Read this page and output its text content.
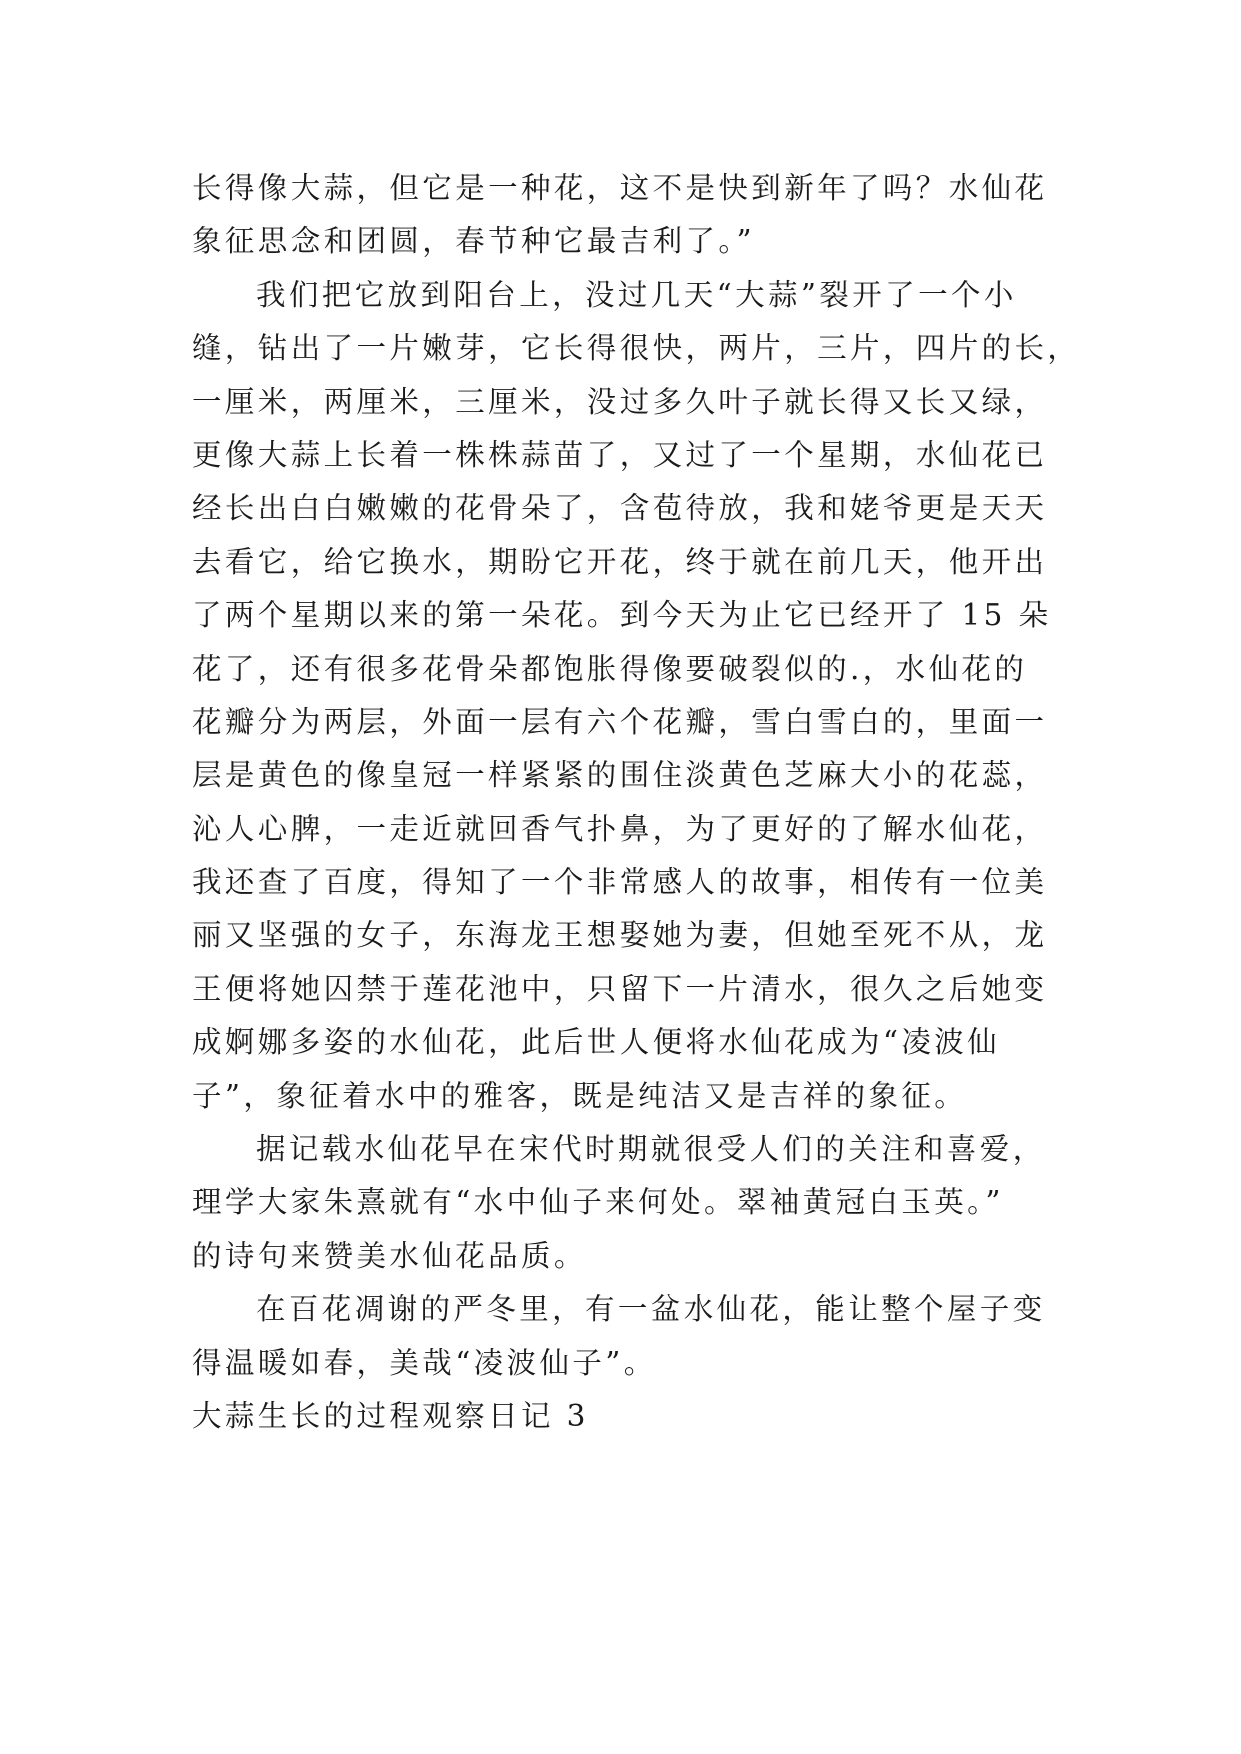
长得像大蒜，但它是一种花，这不是快到新年了吗？水仙花
象征思念和团圆，春节种它最吉利了。”
我们把它放到阳台上，没过几天“大蒜”裂开了一个小
缝，钻出了一片嫩芽，它长得很快，两片，三片，四片的长，
一厘米，两厘米，三厘米，没过多久叶子就长得又长又绿，
更像大蒜上长着一株株蒜苗了，又过了一个星期，水仙花已
经长出白白嫩嫩的花骨朵了，含苞待放，我和姥爷更是天天
去看它，给它换水，期盼它开花，终于就在前几天，他开出
了两个星期以来的第一朵花。到今天为止它已经开了 15 朵
花了，还有很多花骨朵都饱胀得像要破裂似的.，水仙花的
花瓣分为两层，外面一层有六个花瓣，雪白雪白的，里面一
层是黄色的像皇冠一样紧紧的围住淡黄色芝麻大小的花蕊，
沁人心脾，一走近就回香气扑鼻，为了更好的了解水仙花，
我还查了百度，得知了一个非常感人的故事，相传有一位美
丽又坚强的女子，东海龙王想娶她为妻，但她至死不从，龙
王便将她囚禁于莲花池中，只留下一片清水，很久之后她变
成婀娜多姿的水仙花，此后世人便将水仙花成为“凌波仙
子”，象征着水中的雅客，既是纯洁又是吉祥的象征。
据记载水仙花早在宋代时期就很受人们的关注和喜爱，
理学大家朱熹就有“水中仙子来何处。翠袖黄冠白玉英。”
的诗句来赞美水仙花品质。
在百花凋谢的严冬里，有一盆水仙花，能让整个屋子变
得温暖如春，美哉“凌波仙子”。
大蒜生长的过程观察日记 3
